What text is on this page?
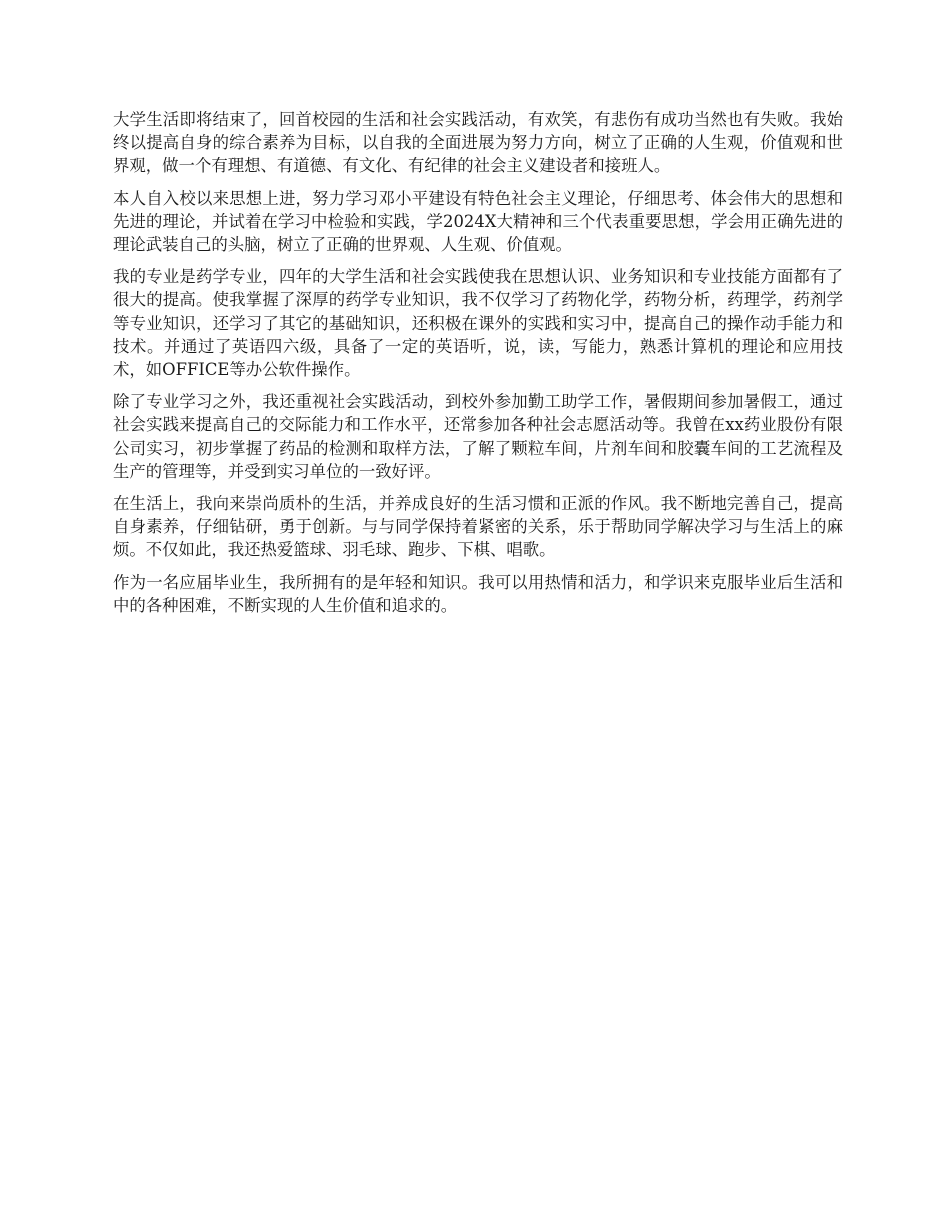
大学生活即将结束了，回首校园的生活和社会实践活动，有欢笑，有悲伤有成功当然也有失败。我始终以提高自身的综合素养为目标，以自我的全面进展为努力方向，树立了正确的人生观，价值观和世界观，做一个有理想、有道德、有文化、有纪律的社会主义建设者和接班人。

本人自入校以来思想上进，努力学习邓小平建设有特色社会主义理论，仔细思考、体会伟大的思想和先进的理论，并试着在学习中检验和实践，学2024X大精神和三个代表重要思想，学会用正确先进的理论武装自己的头脑，树立了正确的世界观、人生观、价值观。

我的专业是药学专业，四年的大学生活和社会实践使我在思想认识、业务知识和专业技能方面都有了很大的提高。使我掌握了深厚的药学专业知识，我不仅学习了药物化学，药物分析，药理学，药剂学等专业知识，还学习了其它的基础知识，还积极在课外的实践和实习中，提高自己的操作动手能力和技术。并通过了英语四六级，具备了一定的英语听，说，读，写能力，熟悉计算机的理论和应用技术，如OFFICE等办公软件操作。

除了专业学习之外，我还重视社会实践活动，到校外参加勤工助学工作，暑假期间参加暑假工，通过社会实践来提高自己的交际能力和工作水平，还常参加各种社会志愿活动等。我曾在xx药业股份有限公司实习，初步掌握了药品的检测和取样方法，了解了颗粒车间，片剂车间和胶囊车间的工艺流程及生产的管理等，并受到实习单位的一致好评。

在生活上，我向来崇尚质朴的生活，并养成良好的生活习惯和正派的作风。我不断地完善自己，提高自身素养，仔细钻研，勇于创新。与与同学保持着紧密的关系，乐于帮助同学解决学习与生活上的麻烦。不仅如此，我还热爱篮球、羽毛球、跑步、下棋、唱歌。

作为一名应届毕业生，我所拥有的是年轻和知识。我可以用热情和活力，和学识来克服毕业后生活和中的各种困难，不断实现的人生价值和追求的。
